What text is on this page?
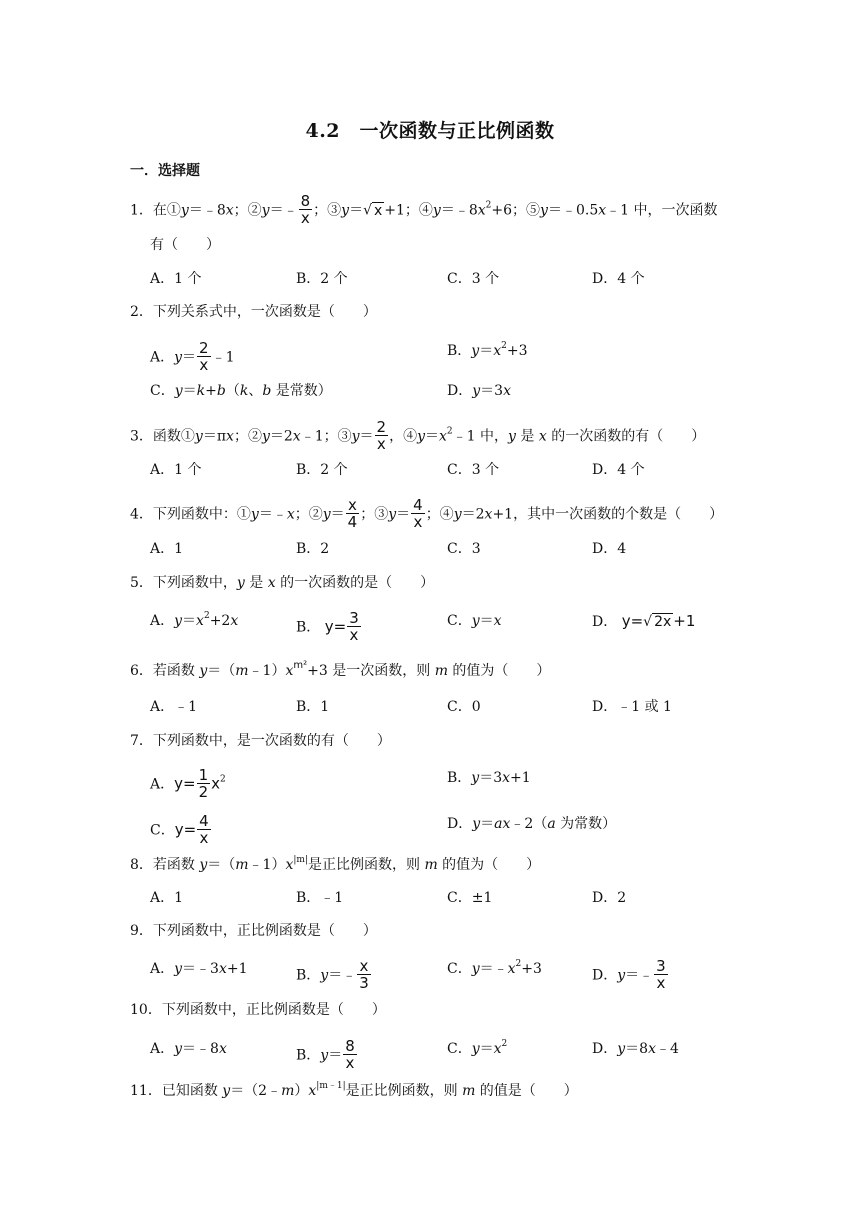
4.2　一次函数与正比例函数
一．选择题
1．在①y＝﹣8x；②y＝﹣ $\frac{8}{x}$ ；③y＝√ x +1；$④y=﹣8x^2+6$；⑤y＝﹣0.5x﹣1 中，一次函数
有（　　）
A．1 个	B．2 个	C．3 个	D．4 个
2．下列关系式中，一次函数是（　　）
A．$y= \frac{2}{x}$ ﹣1	B．$y=x^2+3$
C．y＝k+b（k、b 是常数）	D．y＝3x
3．函数①y＝πx；②y＝2x﹣1；③y＝ $\frac{2}{x}$ ，$④y=x^2﹣1$ 中，y 是 x 的一次函数的有（　　）
A．1 个	B．2 个	C．3 个	D．4 个
4．下列函数中：①y＝﹣x；②y＝ $\frac{x}{4}$ ；③y＝ $\frac{4}{x}$ ；④y＝2x+1，其中一次函数的个数是（　　）
A．1	B．2	C．3	D．4
5．下列函数中，y 是 x 的一次函数的是（　　）
A．$y=x^2+2x$	B． $y= \frac{3}{x}$	C．y＝x	D． y=√ 2x +1
6．若函数 $y=(m﹣1)x^{m^2}+3$ 是一次函数，则 m 的值为（　　）
A．﹣1	B．1	C．0	D．﹣1 或 1
7．下列函数中，是一次函数的有（　　）
A．$y= \frac{1}{2} x^2$	B．y＝3x+1
C．$y= \frac{4}{x}$	D．y＝ax﹣2（a 为常数）
8．若函数 $y=(m﹣1)x^{|m|}$是正比例函数，则 m 的值为（　　）
A．1	B．﹣1	C．±1	D．2
9．下列函数中，正比例函数是（　　）
A．y＝﹣3x+1	B．y＝﹣ $\frac{x}{3}$	C．$y=﹣x^2+3$	D．y＝﹣ $\frac{3}{x}$
10．下列函数中，正比例函数是（　　）
A．y＝﹣8x	B．$y= \frac{8}{x}$	C．$y=x^2$	D．y＝8x﹣4
11．已知函数 $y=(2﹣m)x^{|m﹣1|}$是正比例函数，则 m 的值是（　　）
